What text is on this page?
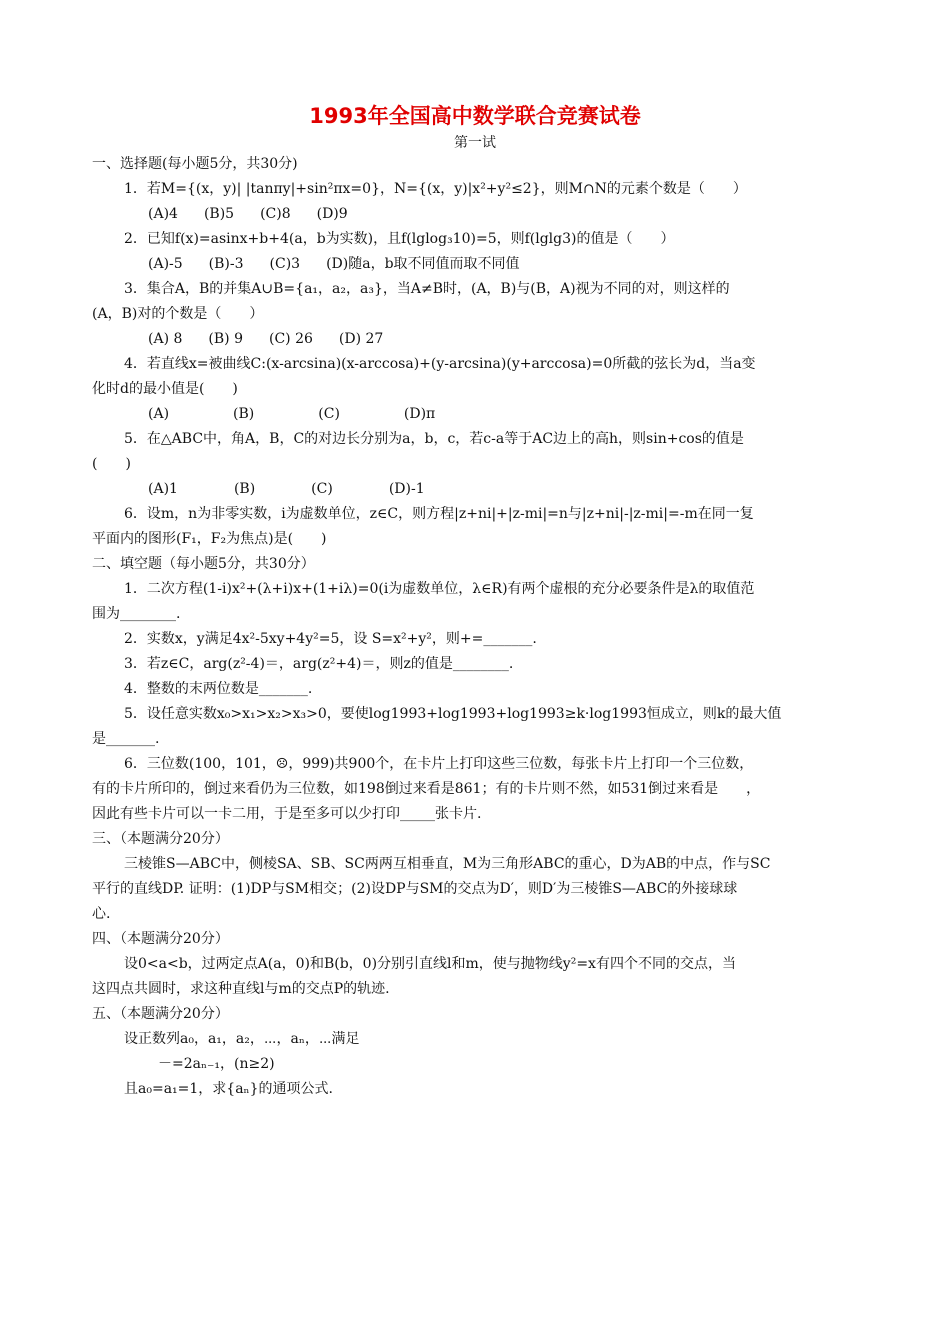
1993年全国高中数学联合竞赛试卷
第一试
一、选择题(每小题5分，共30分)
1．若M={(x，y)| |tanπy|+sin²πx=0}，N={(x，y)|x²+y²≤2}，则M∩N的元素个数是（　　）
(A)4 (B)5 (C)8 (D)9
2．已知f(x)=asinx+b+4(a，b为实数)，且f(lglog₃10)=5，则f(lglg3)的值是（　　）
(A)-5 (B)-3 (C)3 (D)随a，b取不同值而取不同值
3．集合A，B的并集A∪B={a₁，a₂，a₃}，当A≠B时，(A，B)与(B，A)视为不同的对，则这样的
(A，B)对的个数是（　　）
(A) 8 (B) 9 (C) 26 (D) 27
4．若直线x=被曲线C:(x-arcsina)(x-arccosa)+(y-arcsina)(y+arccosa)=0所截的弦长为d，当a变
化时d的最小值是(　　)
(A)	(B)	(C)	(D)π
5．在△ABC中，角A，B，C的对边长分别为a，b，c，若c-a等于AC边上的高h，则sin+cos的值是
(　　)
(A)1	(B)	(C)	(D)-1
6．设m，n为非零实数，i为虚数单位，z∈C，则方程|z+ni|+|z-mi|=n与|z+ni|-|z-mi|=-m在同一复
平面内的图形(F₁，F₂为焦点)是(　　)
二、填空题（每小题5分，共30分）
1．二次方程(1-i)x²+(λ+i)x+(1+iλ)=0(i为虚数单位，λ∈R)有两个虚根的充分必要条件是λ的取值范
围为________.
2．实数x，y满足4x²-5xy+4y²=5，设 S=x²+y²，则+=_______.
3．若z∈C，arg(z²-4)＝，arg(z²+4)＝，则z的值是________.
4．整数的末两位数是_______.
5．设任意实数x₀>x₁>x₂>x₃>0，要使log1993+log1993+log1993≥k·log1993恒成立，则k的最大值
是_______.
6．三位数(100，101，☹，999)共900个，在卡片上打印这些三位数，每张卡片上打印一个三位数，
有的卡片所印的，倒过来看仍为三位数，如198倒过来看是861；有的卡片则不然，如531倒过来看是　　，
因此有些卡片可以一卡二用，于是至多可以少打印_____张卡片.
三、（本题满分20分）
三棱锥S—ABC中，侧棱SA、SB、SC两两互相垂直，M为三角形ABC的重心，D为AB的中点，作与SC
平行的直线DP. 证明：(1)DP与SM相交；(2)设DP与SM的交点为D′，则D′为三棱锥S—ABC的外接球球
心.
四、（本题满分20分）
设0<a<b，过两定点A(a，0)和B(b，0)分别引直线l和m，使与抛物线y²=x有四个不同的交点，当
这四点共圆时，求这种直线l与m的交点P的轨迹.
五、（本题满分20分）
设正数列a₀，a₁，a₂，⋯，aₙ，⋯满足
－=2aₙ₋₁，(n≥2)
且a₀=a₁=1，求{aₙ}的通项公式.
